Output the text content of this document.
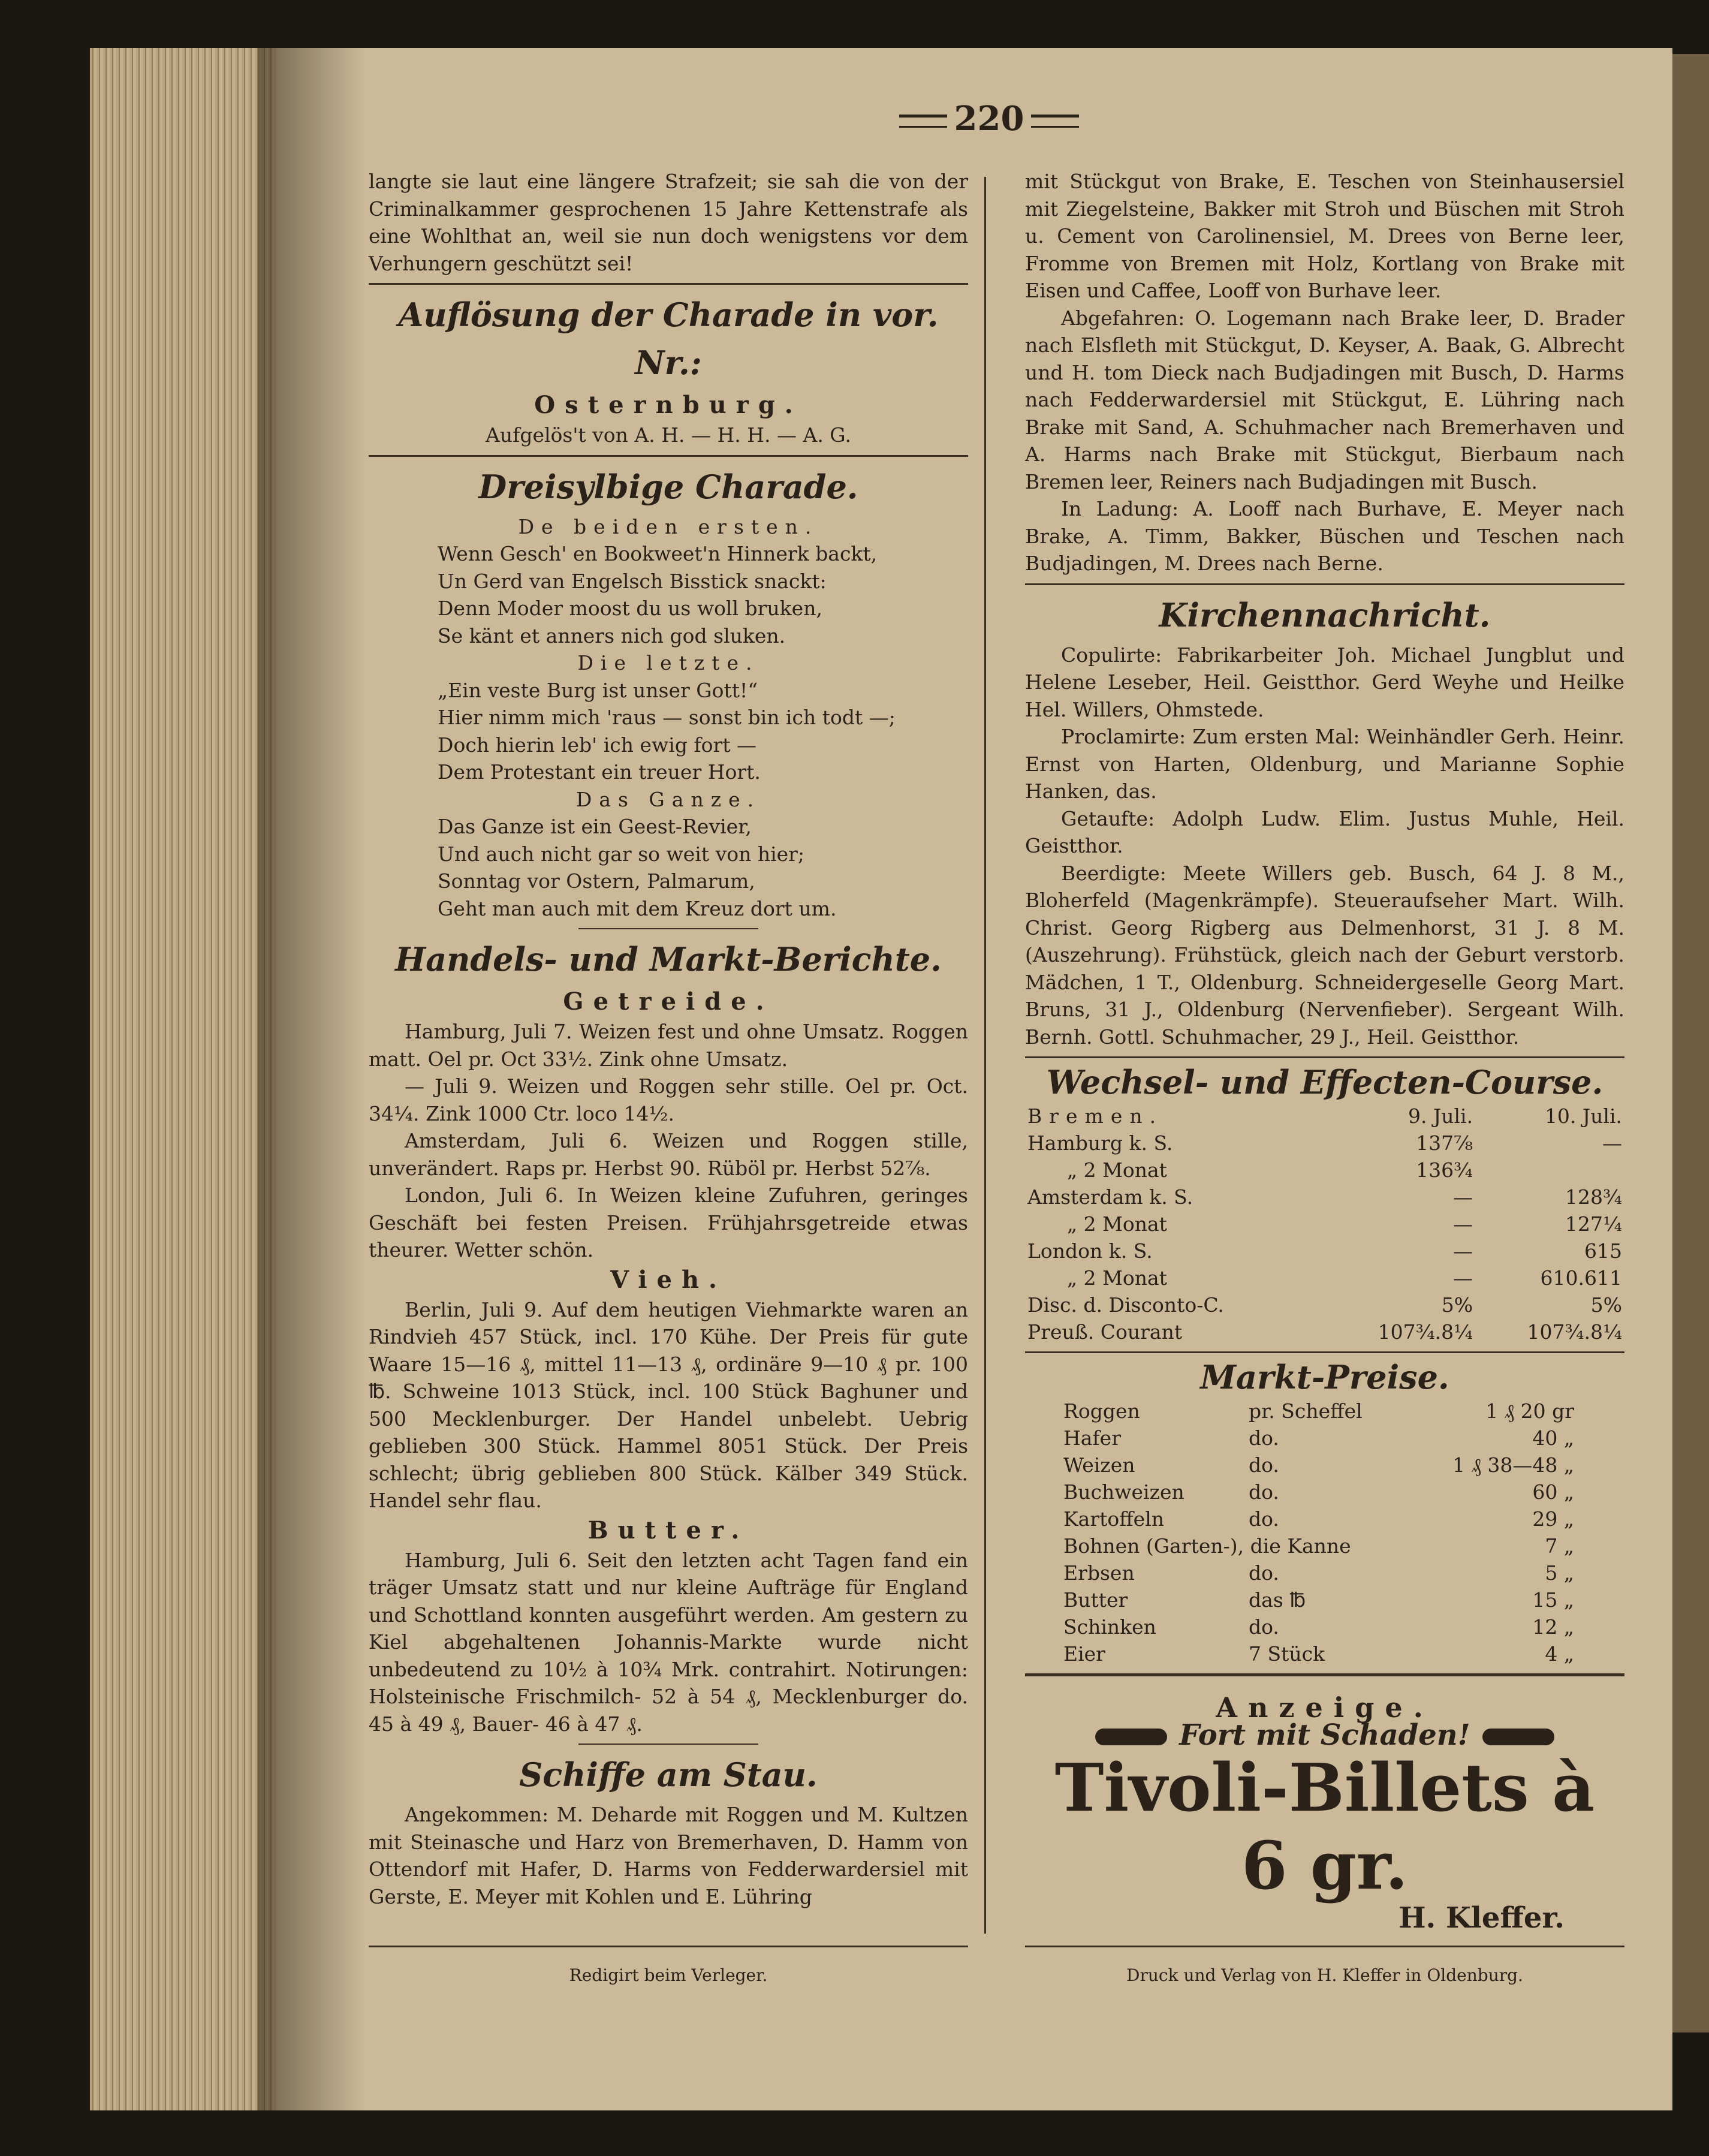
220

langte sie laut eine längere Strafzeit; sie sah die von der Criminalkammer gesprochenen 15 Jahre Kettenstrafe als eine Wohlthat an, weil sie nun doch wenigstens vor dem Verhungern geschützt sei!

Auflösung der Charade in vor. Nr.:
Osternburg.

Aufgelös't von A. H. — H. H. — A. G.

Dreisylbige Charade.

De beiden ersten.

Wenn Gesch' en Bookweet'n Hinnerk backt,

Un Gerd van Engelsch Bisstick snackt:

Denn Moder moost du us woll bruken,

Se känt et anners nich god sluken.

Die letzte.

„Ein veste Burg ist unser Gott!“

Hier nimm mich 'raus — sonst bin ich todt —;

Doch hierin leb' ich ewig fort —

Dem Protestant ein treuer Hort.

Das Ganze.

Das Ganze ist ein Geest-Revier,

Und auch nicht gar so weit von hier;

Sonntag vor Ostern, Palmarum,

Geht man auch mit dem Kreuz dort um.

Handels- und Markt-Berichte.
Getreide.

Hamburg, Juli 7. Weizen fest und ohne Umsatz. Roggen matt. Oel pr. Oct 33½. Zink ohne Umsatz.

— Juli 9. Weizen und Roggen sehr stille. Oel pr. Oct. 34¼. Zink 1000 Ctr. loco 14½.

Amsterdam, Juli 6. Weizen und Roggen stille, unverändert. Raps pr. Herbst 90. Rüböl pr. Herbst 52⅞.

London, Juli 6. In Weizen kleine Zufuhren, geringes Geschäft bei festen Preisen. Frühjahrsgetreide etwas theurer. Wetter schön.

Vieh.

Berlin, Juli 9. Auf dem heutigen Viehmarkte waren an Rindvieh 457 Stück, incl. 170 Kühe. Der Preis für gute Waare 15—16 ₰, mittel 11—13 ₰, ordinäre 9—10 ₰ pr. 100 ℔. Schweine 1013 Stück, incl. 100 Stück Baghuner und 500 Mecklenburger. Der Handel unbelebt. Uebrig geblieben 300 Stück. Hammel 8051 Stück. Der Preis schlecht; übrig geblieben 800 Stück. Kälber 349 Stück. Handel sehr flau.

Butter.

Hamburg, Juli 6. Seit den letzten acht Tagen fand ein träger Umsatz statt und nur kleine Aufträge für England und Schottland konnten ausgeführt werden. Am gestern zu Kiel abgehaltenen Johannis-Markte wurde nicht unbedeutend zu 10½ à 10¾ Mrk. contrahirt. Notirungen: Holsteinische Frischmilch- 52 à 54 ₰, Mecklenburger do. 45 à 49 ₰, Bauer- 46 à 47 ₰.

Schiffe am Stau.

Angekommen: M. Deharde mit Roggen und M. Kultzen mit Steinasche und Harz von Bremerhaven, D. Hamm von Ottendorf mit Hafer, D. Harms von Fedderwardersiel mit Gerste, E. Meyer mit Kohlen und E. Lühring

Redigirt beim Verleger.

mit Stückgut von Brake, E. Teschen von Steinhausersiel mit Ziegelsteine, Bakker mit Stroh und Büschen mit Stroh u. Cement von Carolinensiel, M. Drees von Berne leer, Fromme von Bremen mit Holz, Kortlang von Brake mit Eisen und Caffee, Looff von Burhave leer.

Abgefahren: O. Logemann nach Brake leer, D. Brader nach Elsfleth mit Stückgut, D. Keyser, A. Baak, G. Albrecht und H. tom Dieck nach Budjadingen mit Busch, D. Harms nach Fedderwardersiel mit Stückgut, E. Lühring nach Brake mit Sand, A. Schuhmacher nach Bremerhaven und A. Harms nach Brake mit Stückgut, Bierbaum nach Bremen leer, Reiners nach Budjadingen mit Busch.

In Ladung: A. Looff nach Burhave, E. Meyer nach Brake, A. Timm, Bakker, Büschen und Teschen nach Budjadingen, M. Drees nach Berne.

Kirchennachricht.

Copulirte: Fabrikarbeiter Joh. Michael Jungblut und Helene Leseber, Heil. Geistthor. Gerd Weyhe und Heilke Hel. Willers, Ohmstede.

Proclamirte: Zum ersten Mal: Weinhändler Gerh. Heinr. Ernst von Harten, Oldenburg, und Marianne Sophie Hanken, das.

Getaufte: Adolph Ludw. Elim. Justus Muhle, Heil. Geistthor.

Beerdigte: Meete Willers geb. Busch, 64 J. 8 M., Bloherfeld (Magenkrämpfe). Steueraufseher Mart. Wilh. Christ. Georg Rigberg aus Delmenhorst, 31 J. 8 M. (Auszehrung). Frühstück, gleich nach der Geburt verstorb. Mädchen, 1 T., Oldenburg. Schneidergeselle Georg Mart. Bruns, 31 J., Oldenburg (Nervenfieber). Sergeant Wilh. Bernh. Gottl. Schuhmacher, 29 J., Heil. Geistthor.

Wechsel- und Effecten-Course.
Bremen.	9. Juli.	10. Juli.
Hamburg k. S.	137⅞	—
„ 2 Monat	136¾	
Amsterdam k. S.	—	128¾
„ 2 Monat	—	127¼
London k. S.	—	615
„ 2 Monat	—	610.611
Disc. d. Disconto-C.	5%	5%
Preuß. Courant	107¾.8¼	107¾.8¼
Markt-Preise.
Roggen	pr. Scheffel	1 ₰ 20 gr
Hafer	do.	40 „
Weizen	do.	1 ₰ 38—48 „
Buchweizen	do.	60 „
Kartoffeln	do.	29 „
Bohnen (Garten-), die Kanne		7 „
Erbsen	do.	5 „
Butter	das ℔	15 „
Schinken	do.	12 „
Eier	7 Stück	4 „
Anzeige.
Fort mit Schaden!
Tivoli-Billets à 6 gr.
H. Kleffer.
Druck und Verlag von H. Kleffer in Oldenburg.
